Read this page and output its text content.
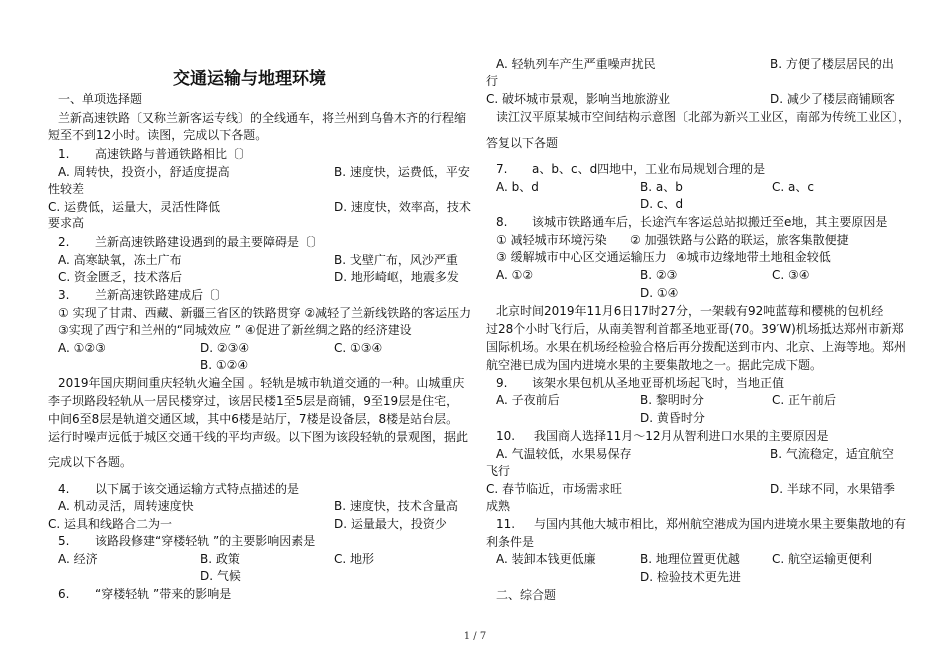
交通运输与地理环境
一、单项选择题
兰新高速铁路〔又称兰新客运专线〕的全线通车，将兰州到乌鲁木齐的行程缩
短至不到12小时。读图，完成以下各题。
1. 高速铁路与普通铁路相比〔〕
A. 周转快，投资小，舒适度提高	B. 速度快，运费低，平安
性较差
C. 运费低，运量大，灵活性降低	D. 速度快，效率高，技术
要求高
2. 兰新高速铁路建设遇到的最主要障碍是〔〕
A. 高寒缺氧，冻土广布	B. 戈壁广布，风沙严重
C. 资金匮乏，技术落后	D. 地形崎岖，地震多发
3. 兰新高速铁路建成后〔〕
① 实现了甘肃、西藏、新疆三省区的铁路贯穿 ②减轻了兰新线铁路的客运压力
③实现了西宁和兰州的“同城效应 ” ④促进了新丝绸之路的经济建设
A. ①②③	C. ①③④
B. ①②④
D. ②③④
2019年国庆期间重庆轻轨火遍全国 。轻轨是城市轨道交通的一种。山城重庆
李子坝路段轻轨从一居民楼穿过，该居民楼1至5层是商铺，9至19层是住宅，
中间6至8层是轨道交通区域，其中6楼是站厅，7楼是设备层，8楼是站台层。
运行时噪声远低于城区交通干线的平均声级。以下图为该段轻轨的景观图，据此
完成以下各题。
4. 以下属于该交通运输方式特点描述的是
A. 机动灵活，周转速度快	B. 速度快，技术含量高
C. 运具和线路合二为一	D. 运量最大，投资少
5. 该路段修建“穿楼轻轨 ”的主要影响因素是
A. 经济	B. 政策	C. 地形
D. 气候
6. “穿楼轻轨 ”带来的影响是
A. 轻轨列车产生严重噪声扰民	B. 方便了楼层居民的出
行
C. 破坏城市景观，影响当地旅游业	D. 减少了楼层商铺顾客
读江汉平原某城市空间结构示意图〔北部为新兴工业区，南部为传统工业区〕，
答复以下各题
7. a、b、c、d四地中，工业布局规划合理的是
A. b、d	B. a、b	C. a、c
D. c、d
8. 该城市铁路通车后，长途汽车客运总站拟搬迁至e地，其主要原因是
① 减轻城市环境污染 ② 加强铁路与公路的联运，旅客集散便捷
③ 缓解城市中心区交通运输压力 ④城市边缘地带土地租金较低
A. ①②	B. ②③	C. ③④
D. ①④
北京时间2019年11月6日17时27分，一架载有92吨蓝莓和樱桃的包机经
过28个小时飞行后，从南美智利首都圣地亚哥(70。39′W)机场抵达郑州市新郑
国际机场。水果在机场经检验合格后再分拨配送到市内、北京、上海等地。郑州
航空港已成为国内进境水果的主要集散地之一。据此完成下题。
9. 该架水果包机从圣地亚哥机场起飞时，当地正值
A. 子夜前后	B. 黎明时分	C. 正午前后
D. 黄昏时分
10. 我国商人选择11月～12月从智利进口水果的主要原因是
A. 气温较低，水果易保存	B. 气流稳定，适宜航空
飞行
C. 春节临近，市场需求旺	D. 半球不同，水果错季
成熟
11. 与国内其他大城市相比，郑州航空港成为国内进境水果主要集散地的有
利条件是
A. 装卸本钱更低廉	B. 地理位置更优越	C. 航空运输更便利
D. 检验技术更先进
二、综合题
1 / 7
